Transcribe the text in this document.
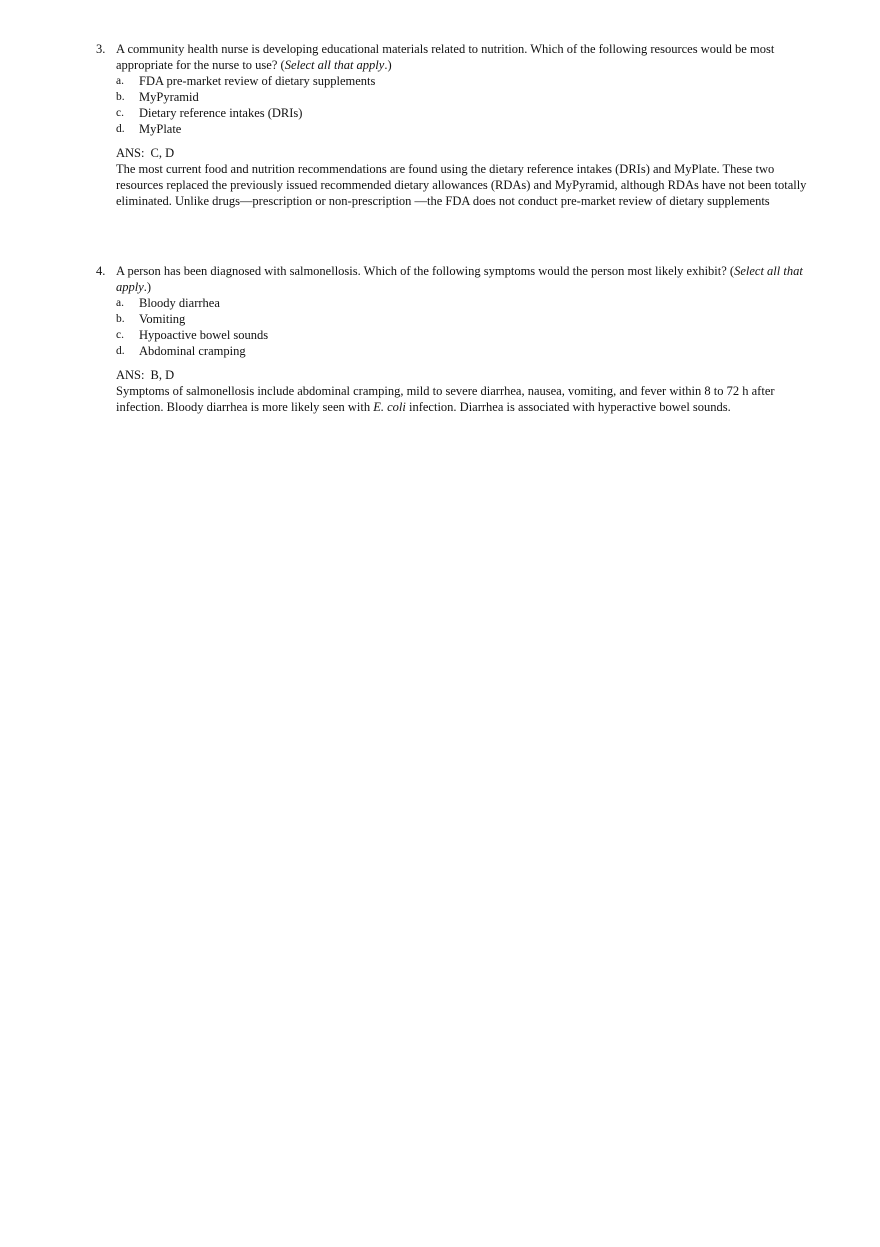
3. A community health nurse is developing educational materials related to nutrition. Which of the following resources would be most appropriate for the nurse to use? (Select all that apply.)

a.	FDA pre-market review of dietary supplements
b.	MyPyramid
c.	Dietary reference intakes (DRIs)
d.	MyPlate
ANS: C, D

The most current food and nutrition recommendations are found using the dietary reference intakes (DRIs) and MyPlate. These two resources replaced the previously issued recommended dietary allowances (RDAs) and MyPyramid, although RDAs have not been totally eliminated. Unlike drugs—prescription or non-prescription —the FDA does not conduct pre-market review of dietary supplements

4. A person has been diagnosed with salmonellosis. Which of the following symptoms would the person most likely exhibit? (Select all that apply.)

a.	Bloody diarrhea
b.	Vomiting
c.	Hypoactive bowel sounds
d.	Abdominal cramping
ANS: B, D

Symptoms of salmonellosis include abdominal cramping, mild to severe diarrhea, nausea, vomiting, and fever within 8 to 72 h after infection. Bloody diarrhea is more likely seen with E. coli infection. Diarrhea is associated with hyperactive bowel sounds.
